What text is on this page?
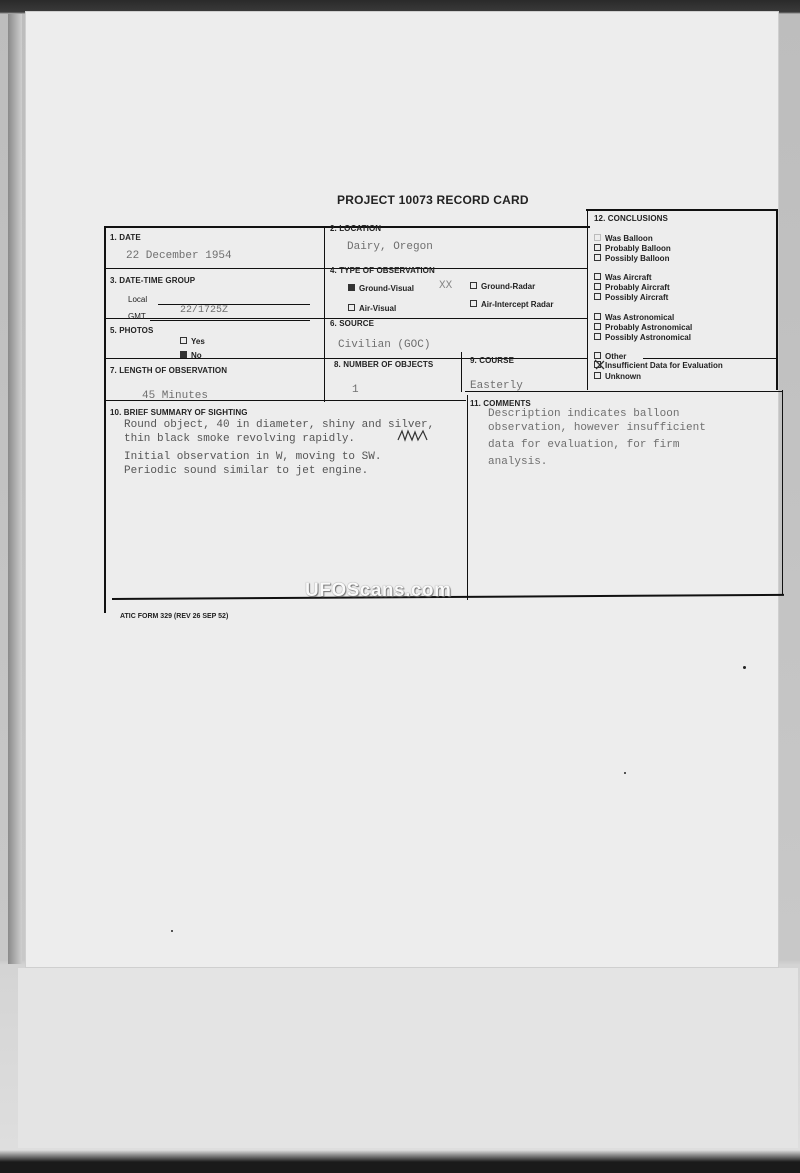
PROJECT 10073 RECORD CARD
1. DATE
22 December 1954
2. LOCATION
Dairy, Oregon
3. DATE-TIME GROUP
Local
GMT
22/1725Z
4. TYPE OF OBSERVATION
Ground-Visual XX	Ground-Radar
Air-Visual	Air-Intercept Radar
5. PHOTOS
Yes
No
6. SOURCE
Civilian (GOC)
7. LENGTH OF OBSERVATION
45 Minutes
8. NUMBER OF OBJECTS
1
9. COURSE
Easterly
10. BRIEF SUMMARY OF SIGHTING
Round object, 40 in diameter, shiny and silver,
thin black smoke revolving rapidly.
Initial observation in W, moving to SW.
Periodic sound similar to jet engine.
11. COMMENTS
Description indicates balloon
observation, however insufficient
data for evaluation, for firm
analysis.
12. CONCLUSIONS
Was Balloon
Probably Balloon
Possibly Balloon
Was Aircraft
Probably Aircraft
Possibly Aircraft
Was Astronomical
Probably Astronomical
Possibly Astronomical
Other
Insufficient Data for Evaluation
Unknown
ATIC FORM 329 (REV 26 SEP 52)
UFOScans.com
